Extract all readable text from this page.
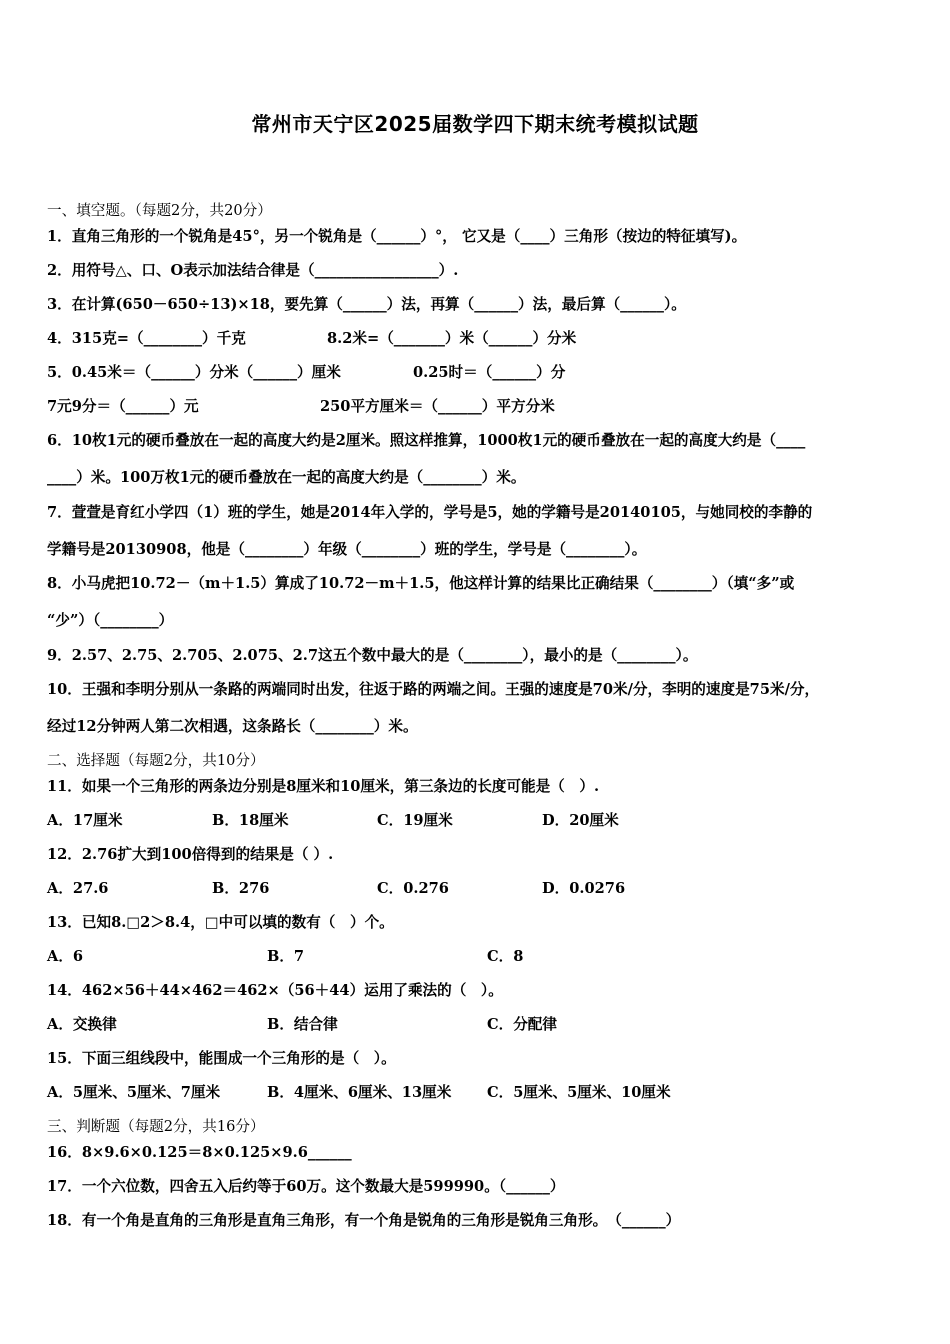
常州市天宁区2025届数学四下期末统考模拟试题
一、填空题。（每题2分，共20分）
1．直角三角形的一个锐角是45°，另一个锐角是（______）°， 它又是（____）三角形（按边的特征填写)。
2．用符号△、口、O表示加法结合律是（_________________）.
3．在计算(650－650÷13)×18，要先算（______）法，再算（______）法，最后算（______）。
4．315克=（________）千克	8.2米=（_______）米（______）分米
5．0.45米＝（______）分米（______）厘米	0.25时＝（______）分
7元9分＝（______）元	250平方厘米＝（______）平方分米
6．10枚1元的硬币叠放在一起的高度大约是2厘米。照这样推算，1000枚1元的硬币叠放在一起的高度大约是（____
____）米。100万枚1元的硬币叠放在一起的高度大约是（________）米。
7．萱萱是育红小学四（1）班的学生，她是2014年入学的，学号是5，她的学籍号是20140105，与她同校的李静的
学籍号是20130908，他是（________）年级（________）班的学生，学号是（________）。
8．小马虎把10.72－（m＋1.5）算成了10.72－m＋1.5，他这样计算的结果比正确结果（________）（填“多”或
“少”）（________）
9．2.57、2.75、2.705、2.075、2.7这五个数中最大的是（________），最小的是（________）。
10．王强和李明分别从一条路的两端同时出发，往返于路的两端之间。王强的速度是70米/分，李明的速度是75米/分，
经过12分钟两人第二次相遇，这条路长（________）米。
二、选择题（每题2分，共10分）
11．如果一个三角形的两条边分别是8厘米和10厘米，第三条边的长度可能是（　）.
A．17厘米	B．18厘米	C．19厘米	D．20厘米
12．2.76扩大到100倍得到的结果是（ ）.
A．27.6	B．276	C．0.276	D．0.0276
13．已知8.□2＞8.4，□中可以填的数有（　）个。
A．6	B．7	C．8
14．462×56＋44×462＝462×（56＋44）运用了乘法的（　）。
A．交换律	B．结合律	C．分配律
15．下面三组线段中，能围成一个三角形的是（　）。
A．5厘米、5厘米、7厘米	B．4厘米、6厘米、13厘米 C．5厘米、5厘米、10厘米
三、判断题（每题2分，共16分）
16．8×9.6×0.125＝8×0.125×9.6______
17．一个六位数，四舍五入后约等于60万。这个数最大是599990。（______）
18．有一个角是直角的三角形是直角三角形，有一个角是锐角的三角形是锐角三角形。　（______）
